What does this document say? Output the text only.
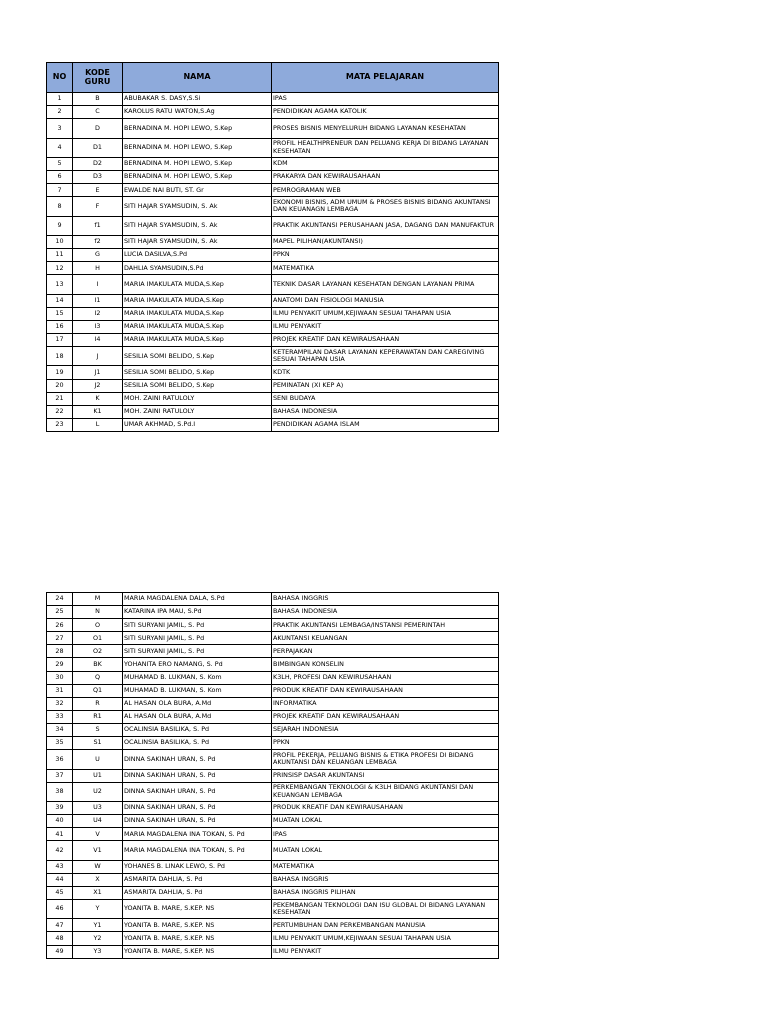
NO	KODE GURU	NAMA	MATA PELAJARAN
1	B	ABUBAKAR S. DASY,S.Si	IPAS
2	C	KAROLUS RATU WATON,S.Ag	PENDIDIKAN AGAMA KATOLIK
3	D	BERNADINA M. HOPI LEWO, S.Kep	PROSES BISNIS MENYELURUH BIDANG LAYANAN KESEHATAN
4	D1	BERNADINA M. HOPI LEWO, S.Kep	PROFIL HEALTHPRENEUR DAN PELUANG KERJA DI BIDANG LAYANAN KESEHATAN
5	D2	BERNADINA M. HOPI LEWO, S.Kep	KDM
6	D3	BERNADINA M. HOPI LEWO, S.Kep	PRAKARYA DAN KEWIRAUSAHAAN
7	E	EWALDE NAI BUTI, ST. Gr	PEMROGRAMAN WEB
8	F	SITI HAJAR SYAMSUDIN, S. Ak	EKONOMI BISNIS, ADM UMUM & PROSES BISNIS BIDANG AKUNTANSI DAN KEUANAGN LEMBAGA
9	f1	SITI HAJAR SYAMSUDIN, S. Ak	PRAKTIK AKUNTANSI PERUSAHAAN JASA, DAGANG DAN MANUFAKTUR
10	f2	SITI HAJAR SYAMSUDIN, S. Ak	MAPEL PILIHAN(AKUNTANSI)
11	G	LUCIA DASILVA,S.Pd	PPKN
12	H	DAHLIA SYAMSUDIN,S.Pd	MATEMATIKA
13	I	MARIA IMAKULATA MUDA,S.Kep	TEKNIK DASAR LAYANAN KESEHATAN DENGAN LAYANAN PRIMA
14	I1	MARIA IMAKULATA MUDA,S.Kep	ANATOMI DAN FISIOLOGI MANUSIA
15	I2	MARIA IMAKULATA MUDA,S.Kep	ILMU PENYAKIT UMUM,KEJIWAAN SESUAI TAHAPAN USIA
16	I3	MARIA IMAKULATA MUDA,S.Kep	ILMU PENYAKIT
17	I4	MARIA IMAKULATA MUDA,S.Kep	PROJEK KREATIF DAN KEWIRAUSAHAAN
18	J	SESILIA SOMI BELIDO, S.Kep	KETERAMPILAN DASAR LAYANAN KEPERAWATAN DAN CAREGIVING SESUAI TAHAPAN USIA
19	J1	SESILIA SOMI BELIDO, S.Kep	KDTK
20	J2	SESILIA SOMI BELIDO, S.Kep	PEMINATAN (XI KEP A)
21	K	MOH. ZAINI RATULOLY	SENI BUDAYA
22	K1	MOH. ZAINI RATULOLY	BAHASA INDONESIA
23	L	UMAR AKHMAD, S.Pd.I	PENDIDIKAN AGAMA ISLAM
24	M	MARIA MAGDALENA DALA, S.Pd	BAHASA INGGRIS
25	N	KATARINA IPA MAU, S.Pd	BAHASA INDONESIA
26	O	SITI SURYANI JAMIL, S. Pd	PRAKTIK AKUNTANSI LEMBAGA/INSTANSI PEMERINTAH
27	O1	SITI SURYANI JAMIL, S. Pd	AKUNTANSI KEUANGAN
28	O2	SITI SURYANI JAMIL, S. Pd	PERPAJAKAN
29	BK	YOHANITA ERO NAMANG, S. Pd	BIMBINGAN KONSELIN
30	Q	MUHAMAD B. LUKMAN, S. Kom	K3LH, PROFESI DAN KEWIRUSAHAAN
31	Q1	MUHAMAD B. LUKMAN, S. Kom	PRODUK KREATIF DAN KEWIRAUSAHAAN
32	R	AL HASAN OLA BURA, A.Md	INFORMATIKA
33	R1	AL HASAN OLA BURA, A.Md	PROJEK KREATIF DAN KEWIRAUSAHAAN
34	S	OCALINSIA BASILIKA, S. Pd	SEJARAH INDONESIA
35	S1	OCALINSIA BASILIKA, S. Pd	PPKN
36	U	DINNA SAKINAH URAN, S. Pd	PROFIL PEKERJA, PELUANG BISNIS & ETIKA PROFESI DI BIDANG AKUNTANSI DAN KEUANGAN LEMBAGA
37	U1	DINNA SAKINAH URAN, S. Pd	PRINSISP DASAR AKUNTANSI
38	U2	DINNA SAKINAH URAN, S. Pd	PERKEMBANGAN TEKNOLOGI & K3LH BIDANG AKUNTANSI DAN KEUANGAN LEMBAGA
39	U3	DINNA SAKINAH URAN, S. Pd	PRODUK KREATIF DAN KEWIRAUSAHAAN
40	U4	DINNA SAKINAH URAN, S. Pd	MUATAN LOKAL
41	V	MARIA MAGDALENA INA TOKAN, S. Pd	IPAS
42	V1	MARIA MAGDALENA INA TOKAN, S. Pd	MUATAN LOKAL
43	W	YOHANES B. LINAK LEWO, S. Pd	MATEMATIKA
44	X	ASMARITA DAHLIA, S. Pd	BAHASA INGGRIS
45	X1	ASMARITA DAHLIA, S. Pd	BAHASA INGGRIS PILIHAN
46	Y	YOANITA B. MARE, S.KEP. NS	PEKEMBANGAN TEKNOLOGI DAN ISU GLOBAL DI BIDANG LAYANAN KESEHATAN
47	Y1	YOANITA B. MARE, S.KEP. NS	PERTUMBUHAN DAN PERKEMBANGAN MANUSIA
48	Y2	YOANITA B. MARE, S.KEP. NS	ILMU PENYAKIT UMUM,KEJIWAAN SESUAI TAHAPAN USIA
49	Y3	YOANITA B. MARE, S.KEP. NS	ILMU PENYAKIT
